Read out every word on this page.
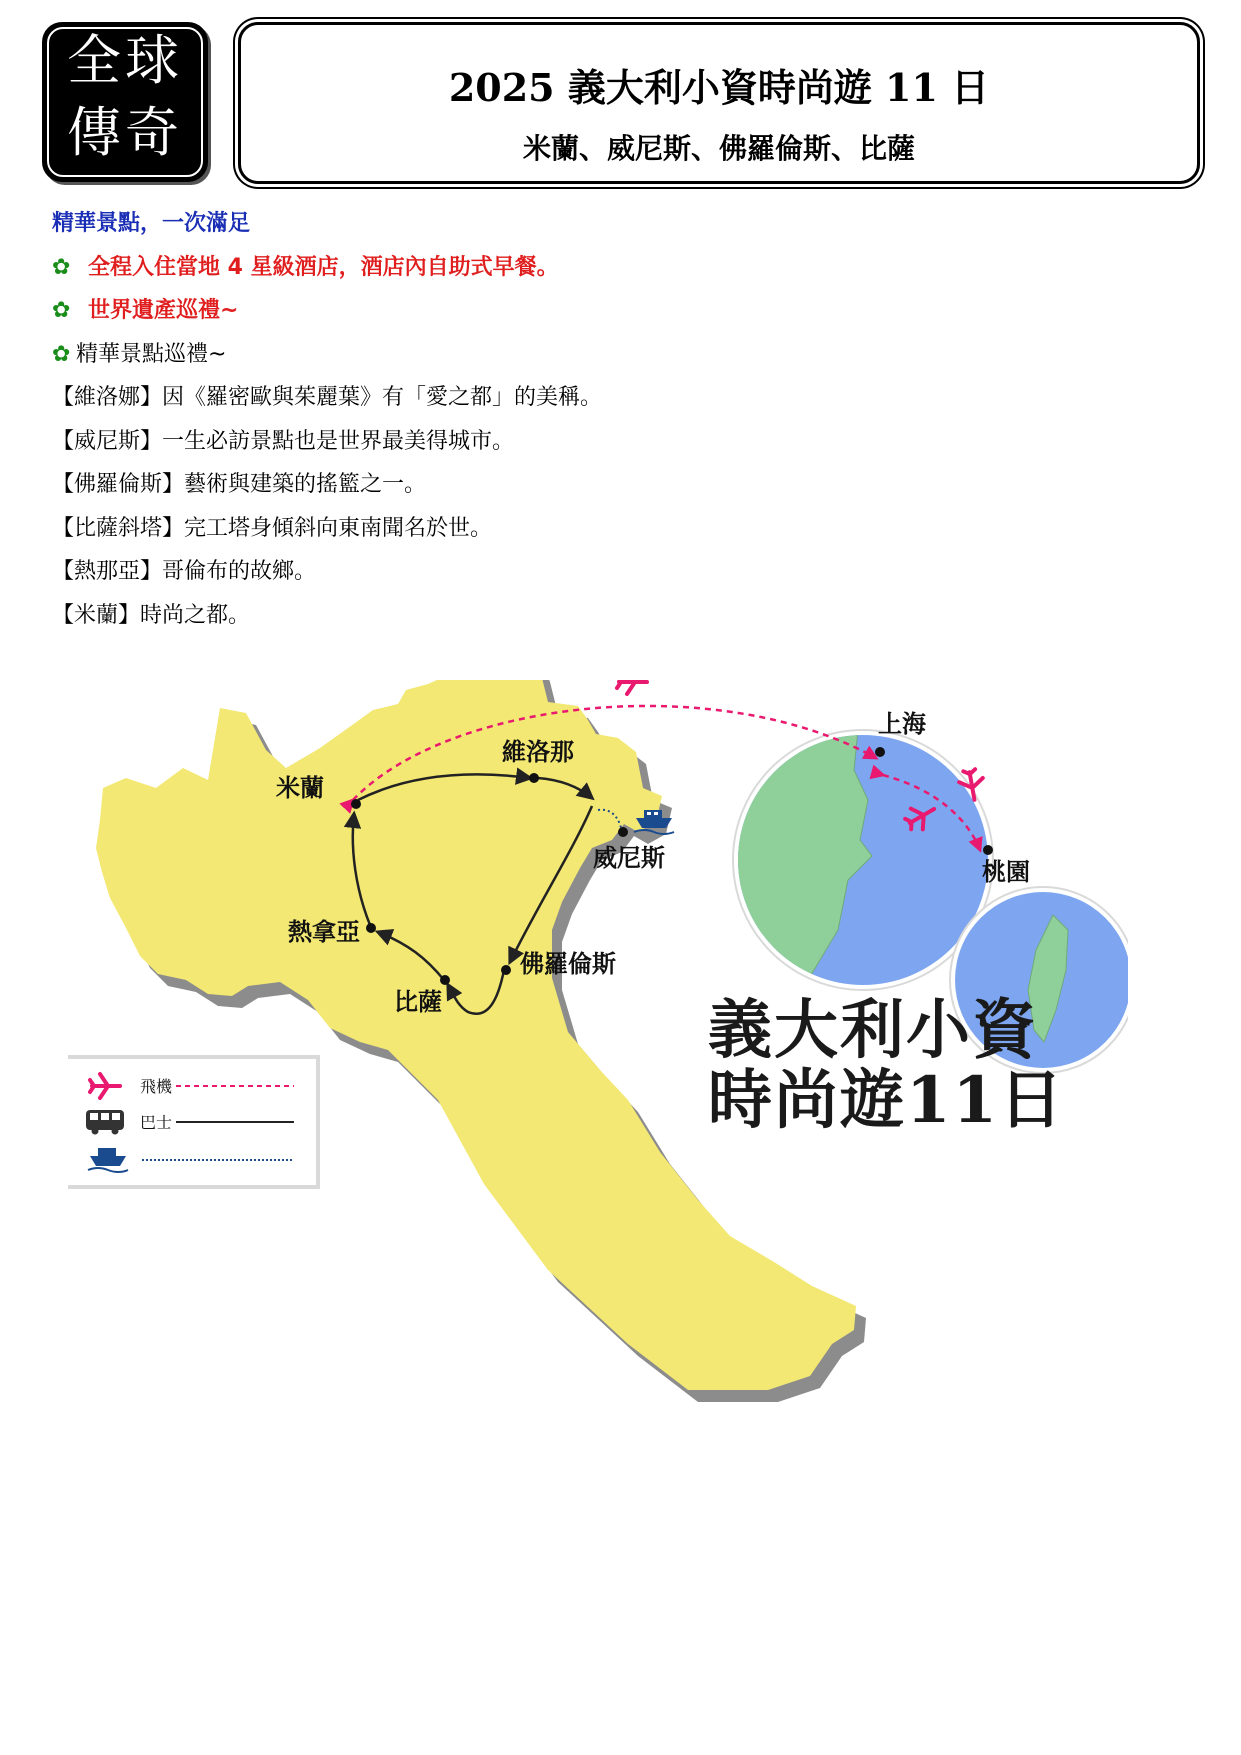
全球
傳奇
2025 義大利小資時尚遊 11 日
米蘭、威尼斯、佛羅倫斯、比薩
精華景點，一次滿足
✿ 全程入住當地 4 星級酒店，酒店內自助式早餐。
✿ 世界遺產巡禮~
✿ 精華景點巡禮~
【維洛娜】因《羅密歐與茱麗葉》有「愛之都」的美稱。
【威尼斯】一生必訪景點也是世界最美得城市。
【佛羅倫斯】藝術與建築的搖籃之一。
【比薩斜塔】完工塔身傾斜向東南聞名於世。
【熱那亞】哥倫布的故鄉。
【米蘭】時尚之都。
米蘭
維洛那
威尼斯
熱拿亞
比薩
佛羅倫斯
上海
桃園
飛機
巴士
義大利小資
時尚遊11日
